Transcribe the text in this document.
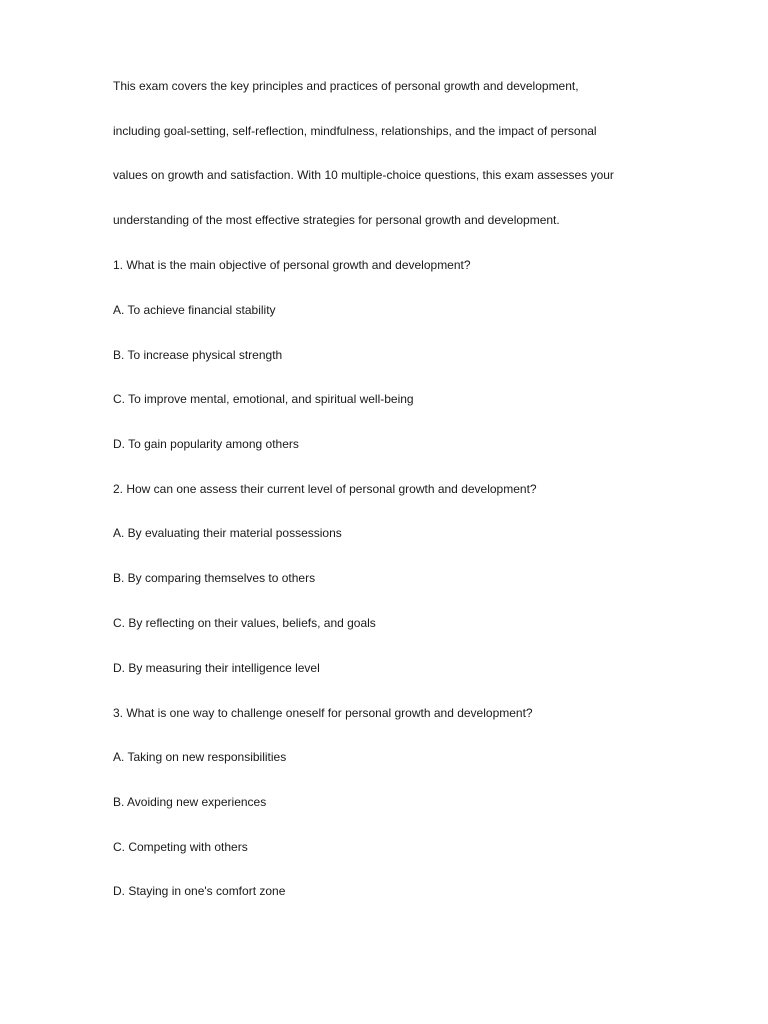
This exam covers the key principles and practices of personal growth and development,
including goal-setting, self-reflection, mindfulness, relationships, and the impact of personal
values on growth and satisfaction. With 10 multiple-choice questions, this exam assesses your
understanding of the most effective strategies for personal growth and development.
1. What is the main objective of personal growth and development?
A. To achieve financial stability
B. To increase physical strength
C. To improve mental, emotional, and spiritual well-being
D. To gain popularity among others
2. How can one assess their current level of personal growth and development?
A. By evaluating their material possessions
B. By comparing themselves to others
C. By reflecting on their values, beliefs, and goals
D. By measuring their intelligence level
3. What is one way to challenge oneself for personal growth and development?
A. Taking on new responsibilities
B. Avoiding new experiences
C. Competing with others
D. Staying in one's comfort zone
